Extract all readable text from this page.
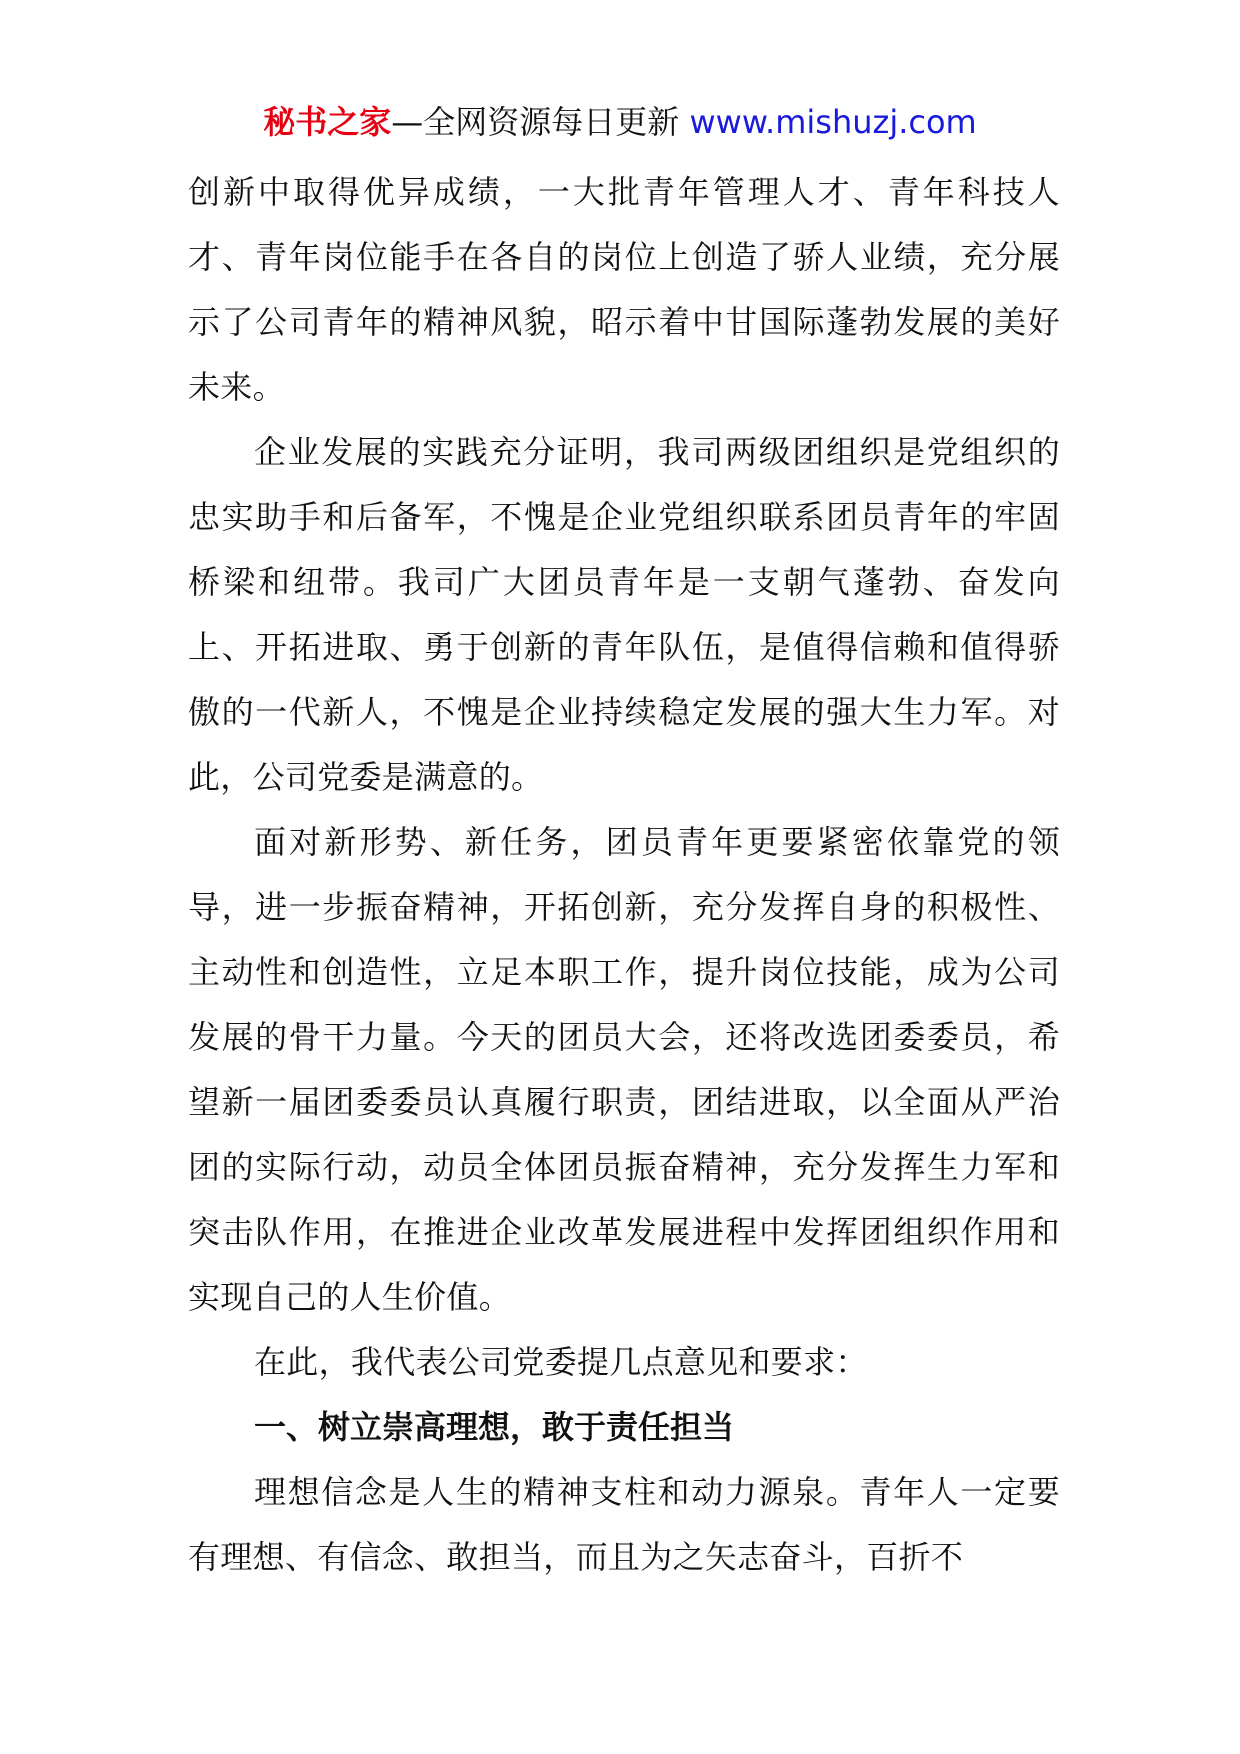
秘书之家—全网资源每日更新 www.mishuzj.com

创新中取得优异成绩，一大批青年管理人才、青年科技人才、青年岗位能手在各自的岗位上创造了骄人业绩，充分展示了公司青年的精神风貌，昭示着中甘国际蓬勃发展的美好未来。

企业发展的实践充分证明，我司两级团组织是党组织的忠实助手和后备军，不愧是企业党组织联系团员青年的牢固桥梁和纽带。我司广大团员青年是一支朝气蓬勃、奋发向上、开拓进取、勇于创新的青年队伍，是值得信赖和值得骄傲的一代新人，不愧是企业持续稳定发展的强大生力军。对此，公司党委是满意的。

面对新形势、新任务，团员青年更要紧密依靠党的领导，进一步振奋精神，开拓创新，充分发挥自身的积极性、主动性和创造性，立足本职工作，提升岗位技能，成为公司发展的骨干力量。今天的团员大会，还将改选团委委员，希望新一届团委委员认真履行职责，团结进取，以全面从严治团的实际行动，动员全体团员振奋精神，充分发挥生力军和突击队作用，在推进企业改革发展进程中发挥团组织作用和实现自己的人生价值。

在此，我代表公司党委提几点意见和要求：

一、树立崇高理想，敢于责任担当

理想信念是人生的精神支柱和动力源泉。青年人一定要有理想、有信念、敢担当，而且为之矢志奋斗，百折不
